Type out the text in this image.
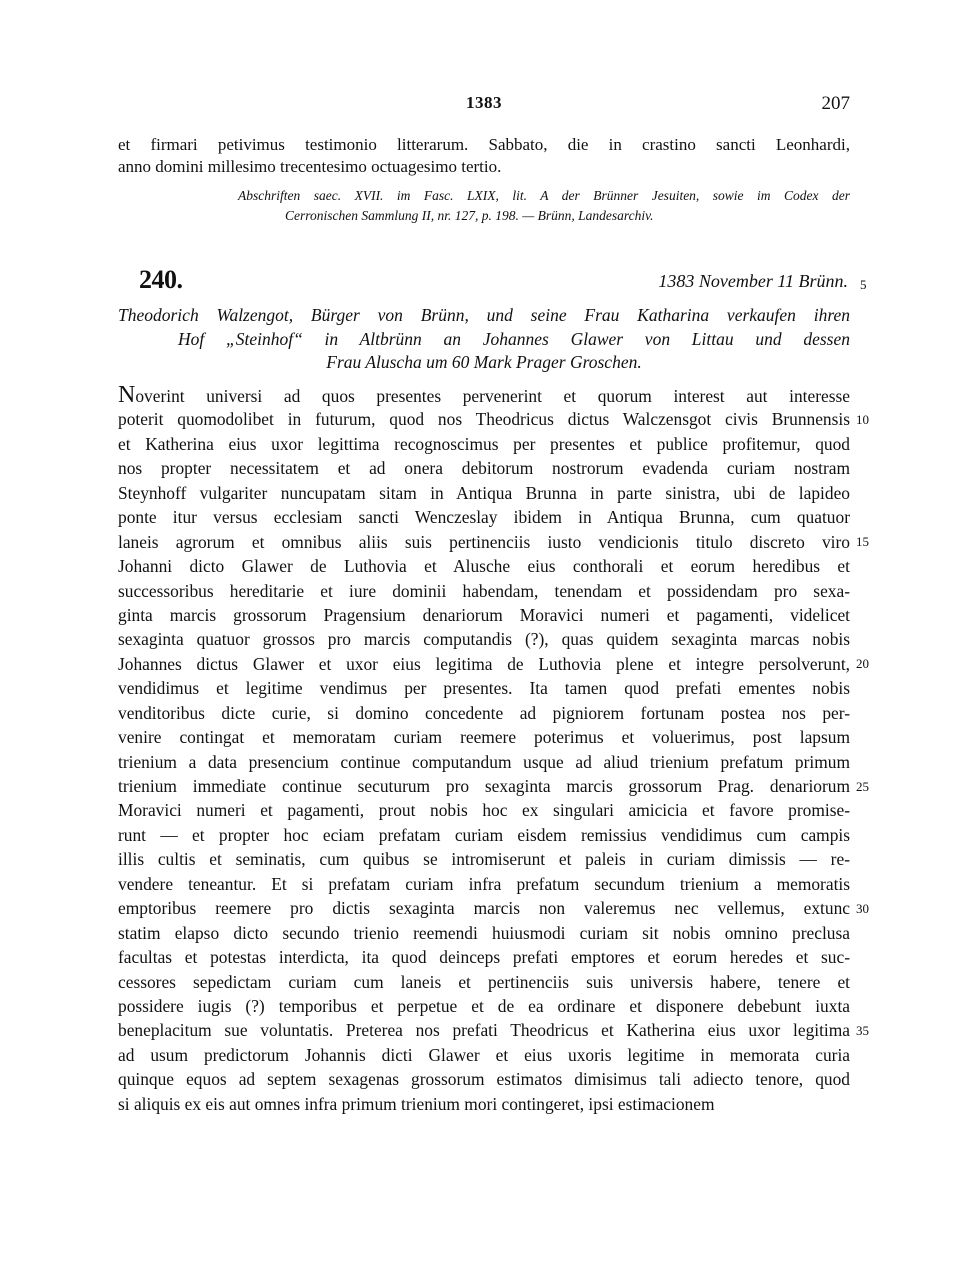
1383	207
et firmari petivimus testimonio litterarum. Sabbato, die in crastino sancti Leonhardi,
anno domini millesimo trecentesimo octuagesimo tertio.
Abschriften saec. XVII. im Fasc. LXIX, lit. A der Brünner Jesuiten, sowie im Codex der
Cerronischen Sammlung II, nr. 127, p. 198. — Brünn, Landesarchiv.
240.	1383 November 11 Brünn. 5
Theodorich Walzengot, Bürger von Brünn, und seine Frau Katharina verkaufen ihren
Hof „Steinhof“ in Altbrünn an Johannes Glawer von Littau und dessen
Frau Aluscha um 60 Mark Prager Groschen.
Noverint universi ad quos presentes pervenerint et quorum interest aut interesse
poterit quomodolibet in futurum, quod nos Theodricus dictus Walczensgot civis Brunnensis
et Katherina eius uxor legittima recognoscimus per presentes et publice profitemur, quod
nos propter necessitatem et ad onera debitorum nostrorum evadenda curiam nostram
Steynhoff vulgariter nuncupatam sitam in Antiqua Brunna in parte sinistra, ubi de lapideo
ponte itur versus ecclesiam sancti Wenczeslay ibidem in Antiqua Brunna, cum quatuor
laneis agrorum et omnibus aliis suis pertinenciis iusto vendicionis titulo discreto viro
Johanni dicto Glawer de Luthovia et Alusche eius conthorali et eorum heredibus et
successoribus hereditarie et iure dominii habendam, tenendam et possidendam pro sexa-
ginta marcis grossorum Pragensium denariorum Moravici numeri et pagamenti, videlicet
sexaginta quatuor grossos pro marcis computandis (?), quas quidem sexaginta marcas nobis
Johannes dictus Glawer et uxor eius legitima de Luthovia plene et integre persolverunt,
vendidimus et legitime vendimus per presentes. Ita tamen quod prefati ementes nobis
venditoribus dicte curie, si domino concedente ad pigniorem fortunam postea nos per-
venire contingat et memoratam curiam reemere poterimus et voluerimus, post lapsum
trienium a data presencium continue computandum usque ad aliud trienium prefatum primum
trienium immediate continue secuturum pro sexaginta marcis grossorum Prag. denariorum
Moravici numeri et pagamenti, prout nobis hoc ex singulari amicicia et favore promise-
runt — et propter hoc eciam prefatam curiam eisdem remissius vendidimus cum campis
illis cultis et seminatis, cum quibus se intromiserunt et paleis in curiam dimissis — re-
vendere teneantur. Et si prefatam curiam infra prefatum secundum trienium a memoratis
emptoribus reemere pro dictis sexaginta marcis non valeremus nec vellemus, extunc
statim elapso dicto secundo trienio reemendi huiusmodi curiam sit nobis omnino preclusa
facultas et potestas interdicta, ita quod deinceps prefati emptores et eorum heredes et suc-
cessores sepedictam curiam cum laneis et pertinenciis suis universis habere, tenere et
possidere iugis (?) temporibus et perpetue et de ea ordinare et disponere debebunt iuxta
beneplacitum sue voluntatis. Preterea nos prefati Theodricus et Katherina eius uxor legitima
ad usum predictorum Johannis dicti Glawer et eius uxoris legitime in memorata curia
quinque equos ad septem sexagenas grossorum estimatos dimisimus tali adiecto tenore, quod
si aliquis ex eis aut omnes infra primum trienium mori contingeret, ipsi estimacionem
10
15
20
25
30
35
